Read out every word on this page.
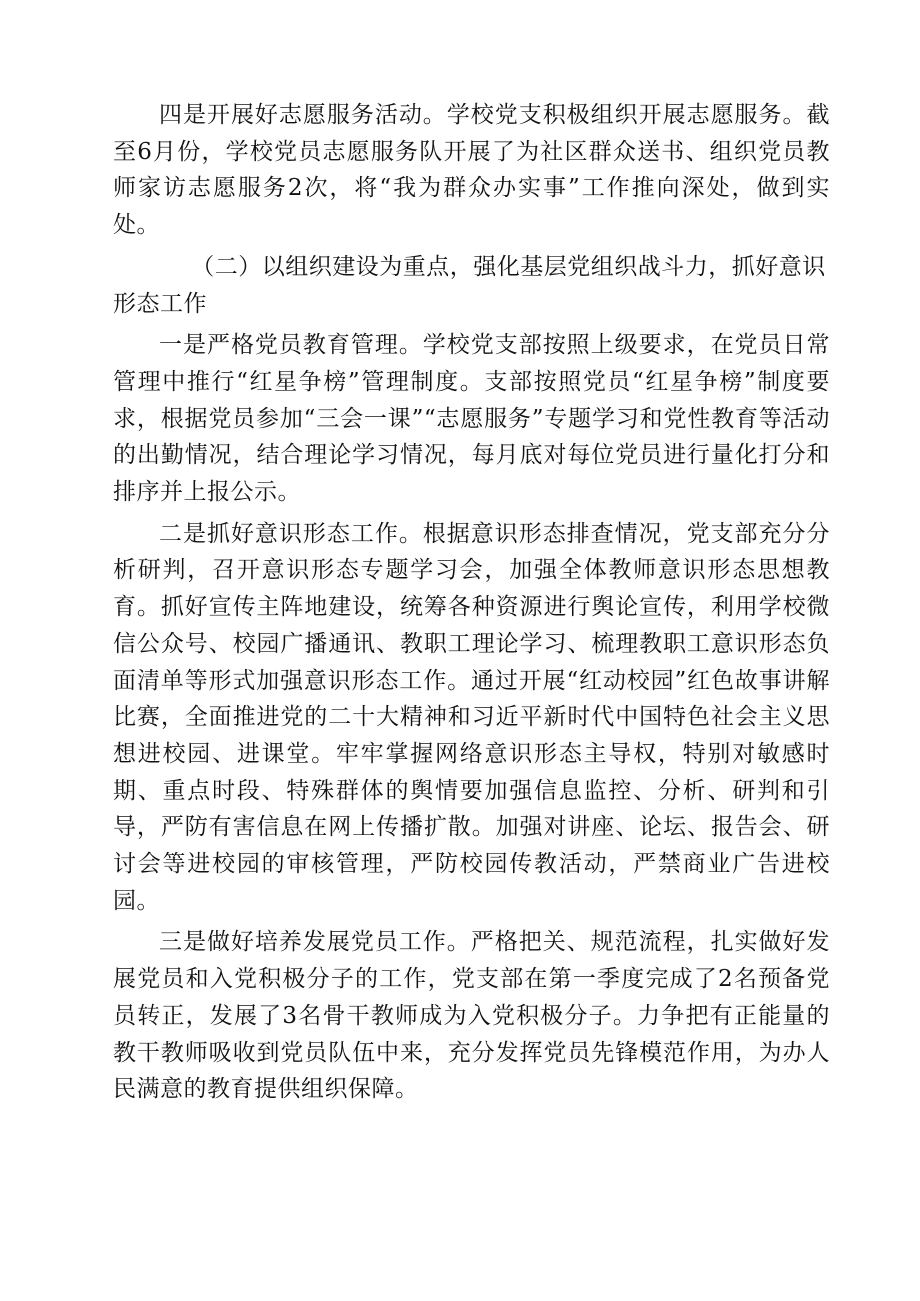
四是开展好志愿服务活动。学校党支积极组织开展志愿服务。截至6月份，学校党员志愿服务队开展了为社区群众送书、组织党员教师家访志愿服务2次，将“我为群众办实事”工作推向深处，做到实处。

（二）以组织建设为重点，强化基层党组织战斗力，抓好意识形态工作

一是严格党员教育管理。学校党支部按照上级要求，在党员日常管理中推行“红星争榜”管理制度。支部按照党员“红星争榜”制度要求，根据党员参加“三会一课”“志愿服务”专题学习和党性教育等活动的出勤情况，结合理论学习情况，每月底对每位党员进行量化打分和排序并上报公示。

二是抓好意识形态工作。根据意识形态排查情况，党支部充分分析研判，召开意识形态专题学习会，加强全体教师意识形态思想教育。抓好宣传主阵地建设，统筹各种资源进行舆论宣传，利用学校微信公众号、校园广播通讯、教职工理论学习、梳理教职工意识形态负面清单等形式加强意识形态工作。通过开展“红动校园”红色故事讲解比赛，全面推进党的二十大精神和习近平新时代中国特色社会主义思想进校园、进课堂。牢牢掌握网络意识形态主导权，特别对敏感时期、重点时段、特殊群体的舆情要加强信息监控、分析、研判和引导，严防有害信息在网上传播扩散。加强对讲座、论坛、报告会、研讨会等进校园的审核管理，严防校园传教活动，严禁商业广告进校园。

三是做好培养发展党员工作。严格把关、规范流程，扎实做好发展党员和入党积极分子的工作，党支部在第一季度完成了2名预备党员转正，发展了3名骨干教师成为入党积极分子。力争把有正能量的教干教师吸收到党员队伍中来，充分发挥党员先锋模范作用，为办人民满意的教育提供组织保障。
